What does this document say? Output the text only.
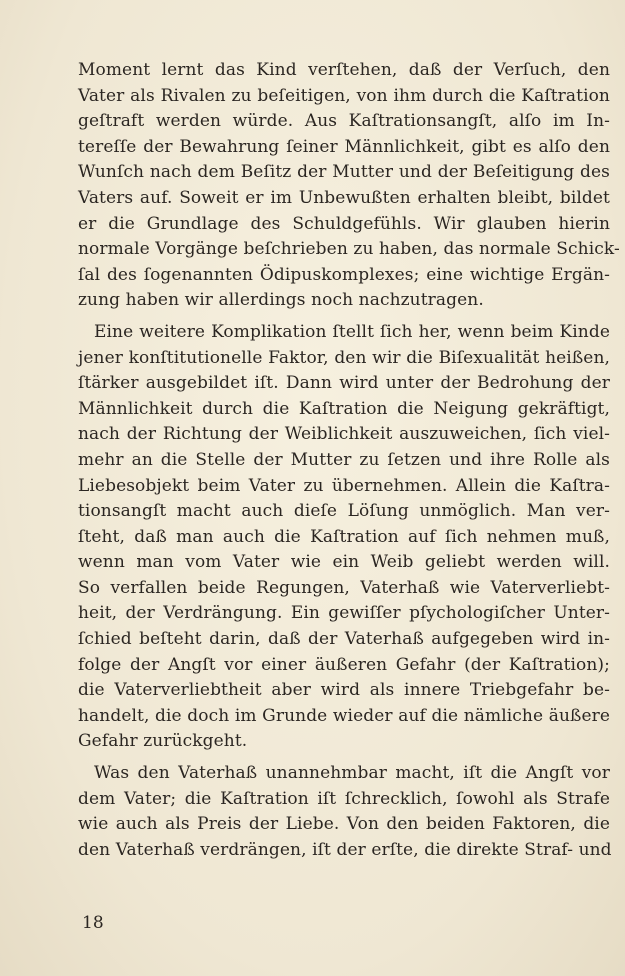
Moment lernt das Kind verſtehen, daß der Verſuch, den
Vater als Rivalen zu beſeitigen, von ihm durch die Kaſtration
geſtraft werden würde. Aus Kaſtrationsangſt, alſo im In-
tereſſe der Bewahrung ſeiner Männlichkeit, gibt es alſo den
Wunſch nach dem Beſitz der Mutter und der Beſeitigung des
Vaters auf. Soweit er im Unbewußten erhalten bleibt, bildet
er die Grundlage des Schuldgefühls. Wir glauben hierin
normale Vorgänge beſchrieben zu haben, das normale Schick-
ſal des ſogenannten Ödipuskomplexes; eine wichtige Ergän-
zung haben wir allerdings noch nachzutragen.
Eine weitere Komplikation ſtellt ſich her, wenn beim Kinde
jener konſtitutionelle Faktor, den wir die Biſexualität heißen,
ſtärker ausgebildet iſt. Dann wird unter der Bedrohung der
Männlichkeit durch die Kaſtration die Neigung gekräftigt,
nach der Richtung der Weiblichkeit auszuweichen, ſich viel-
mehr an die Stelle der Mutter zu ſetzen und ihre Rolle als
Liebesobjekt beim Vater zu übernehmen. Allein die Kaſtra-
tionsangſt macht auch dieſe Löſung unmöglich. Man ver-
ſteht, daß man auch die Kaſtration auf ſich nehmen muß,
wenn man vom Vater wie ein Weib geliebt werden will.
So verfallen beide Regungen, Vaterhaß wie Vaterverliebt-
heit, der Verdrängung. Ein gewiſſer pſychologiſcher Unter-
ſchied beſteht darin, daß der Vaterhaß aufgegeben wird in-
folge der Angſt vor einer äußeren Gefahr (der Kaſtration);
die Vaterverliebtheit aber wird als innere Triebgefahr be-
handelt, die doch im Grunde wieder auf die nämliche äußere
Gefahr zurückgeht.
Was den Vaterhaß unannehmbar macht, iſt die Angſt vor
dem Vater; die Kaſtration iſt ſchrecklich, ſowohl als Strafe
wie auch als Preis der Liebe. Von den beiden Faktoren, die
den Vaterhaß verdrängen, iſt der erſte, die direkte Straf- und
18
